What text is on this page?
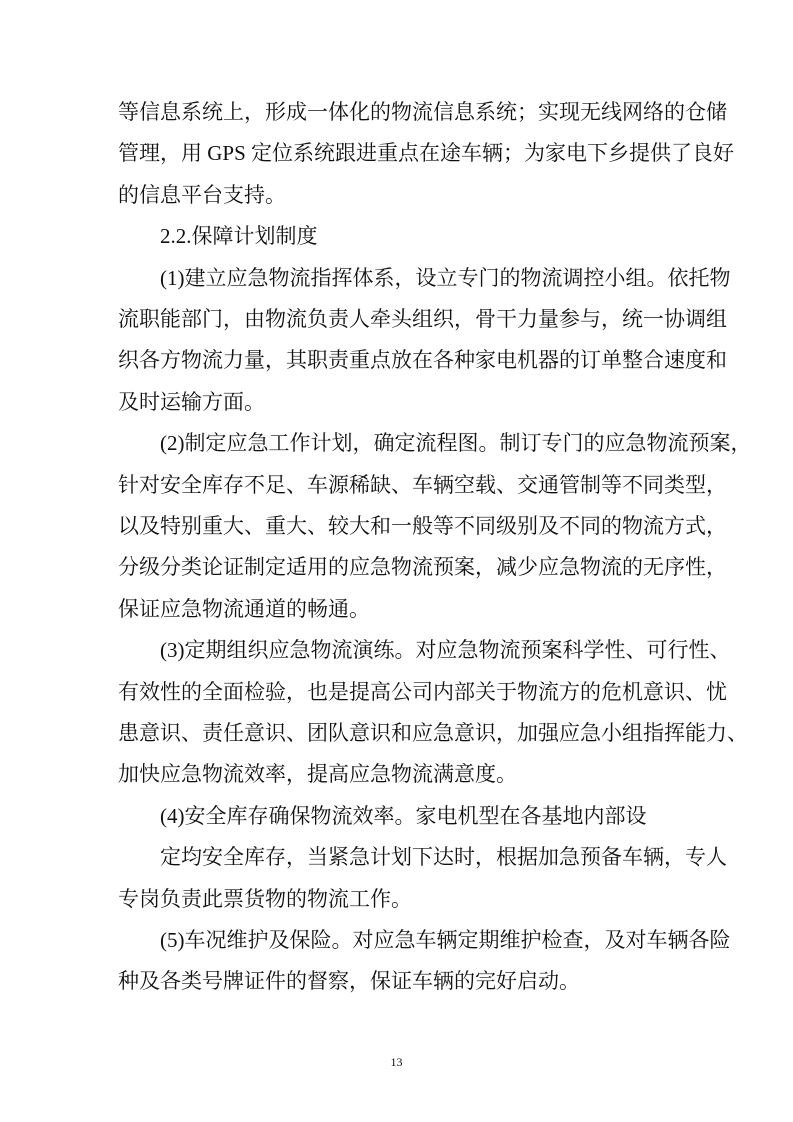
等信息系统上，形成一体化的物流信息系统；实现无线网络的仓储
管理，用 GPS 定位系统跟进重点在途车辆；为家电下乡提供了良好
的信息平台支持。
2.2.保障计划制度
(1)建立应急物流指挥体系，设立专门的物流调控小组。依托物
流职能部门，由物流负责人牵头组织，骨干力量参与，统一协调组
织各方物流力量，其职责重点放在各种家电机器的订单整合速度和
及时运输方面。
(2)制定应急工作计划，确定流程图。制订专门的应急物流预案，
针对安全库存不足、车源稀缺、车辆空载、交通管制等不同类型，
以及特别重大、重大、较大和一般等不同级别及不同的物流方式，
分级分类论证制定适用的应急物流预案，减少应急物流的无序性，
保证应急物流通道的畅通。
(3)定期组织应急物流演练。对应急物流预案科学性、可行性、
有效性的全面检验，也是提高公司内部关于物流方的危机意识、忧
患意识、责任意识、团队意识和应急意识，加强应急小组指挥能力、
加快应急物流效率，提高应急物流满意度。
(4)安全库存确保物流效率。家电机型在各基地内部设
定均安全库存，当紧急计划下达时，根据加急预备车辆，专人
专岗负责此票货物的物流工作。
(5)车况维护及保险。对应急车辆定期维护检查，及对车辆各险
种及各类号牌证件的督察，保证车辆的完好启动。
13
